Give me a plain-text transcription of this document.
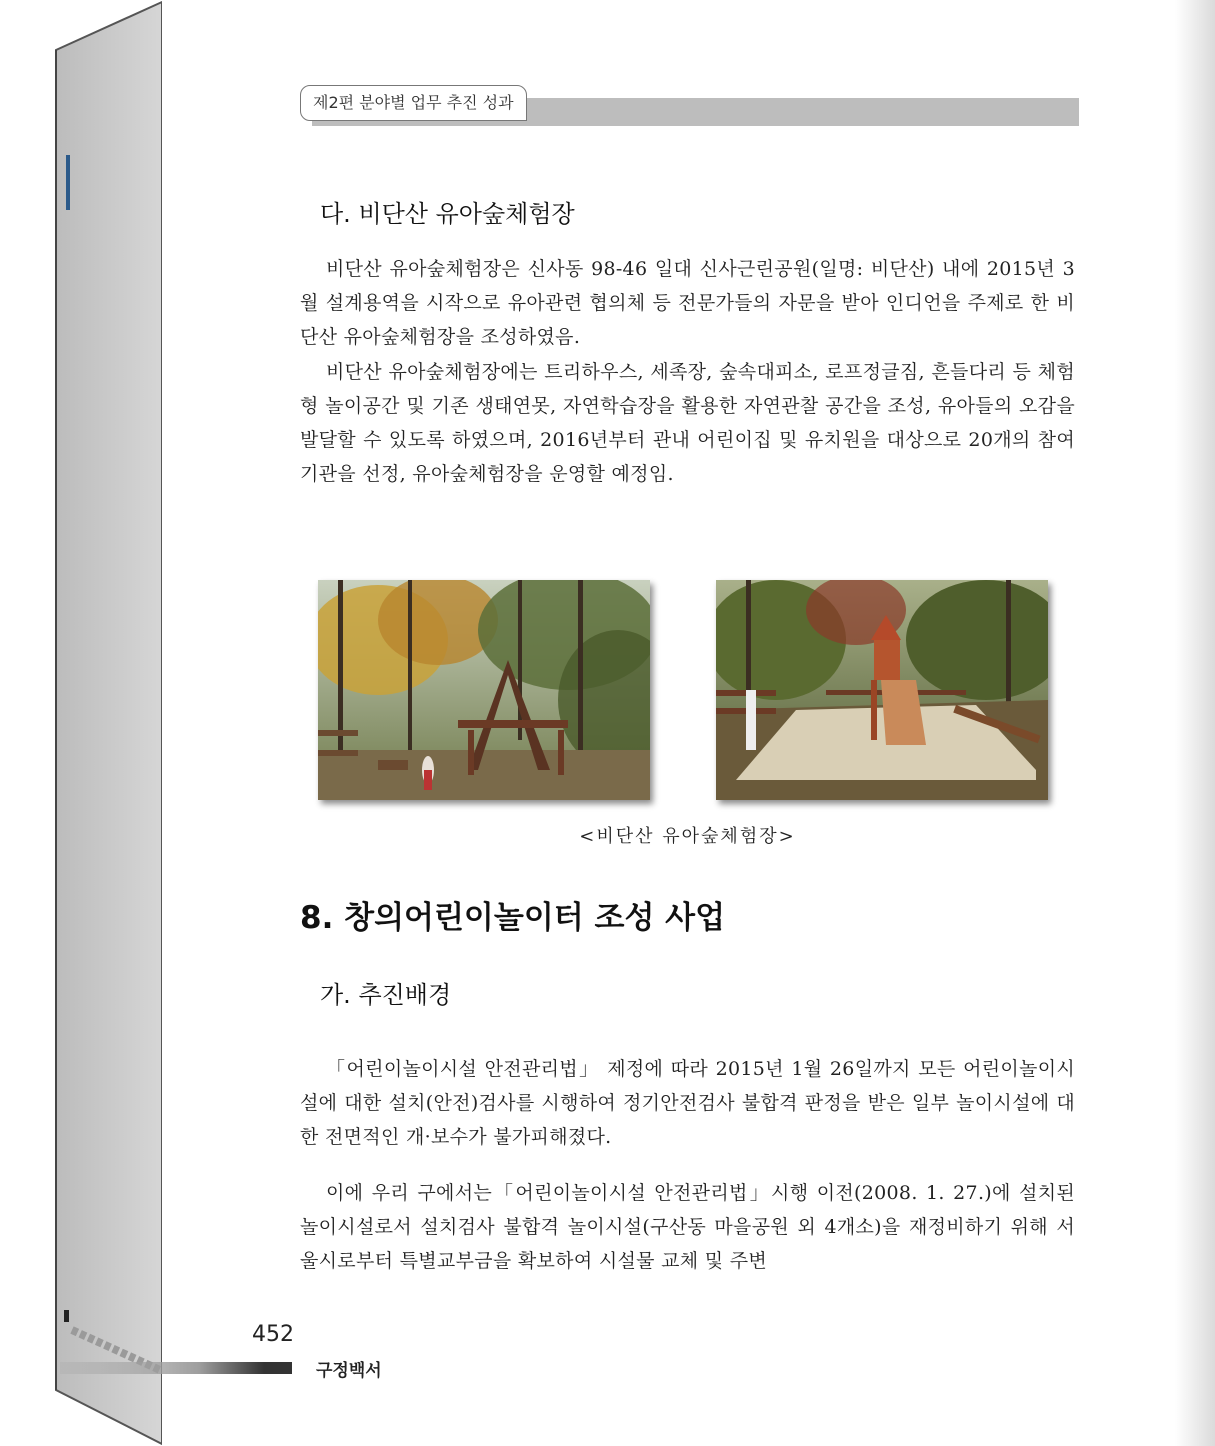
제2편 분야별 업무 추진 성과
다. 비단산 유아숲체험장

비단산 유아숲체험장은 신사동 98-46 일대 신사근린공원(일명: 비단산) 내에 2015년 3월 설계용역을 시작으로 유아관련 협의체 등 전문가들의 자문을 받아 인디언을 주제로 한 비단산 유아숲체험장을 조성하였음.

비단산 유아숲체험장에는 트리하우스, 세족장, 숲속대피소, 로프정글짐, 흔들다리 등 체험형 놀이공간 및 기존 생태연못, 자연학습장을 활용한 자연관찰 공간을 조성, 유아들의 오감을 발달할 수 있도록 하였으며, 2016년부터 관내 어린이집 및 유치원을 대상으로 20개의 참여기관을 선정, 유아숲체험장을 운영할 예정임.

<비단산 유아숲체험장>
8. 창의어린이놀이터 조성 사업
가. 추진배경

「어린이놀이시설 안전관리법」 제정에 따라 2015년 1월 26일까지 모든 어린이놀이시설에 대한 설치(안전)검사를 시행하여 정기안전검사 불합격 판정을 받은 일부 놀이시설에 대한 전면적인 개·보수가 불가피해졌다.

이에 우리 구에서는「어린이놀이시설 안전관리법」시행 이전(2008. 1. 27.)에 설치된 놀이시설로서 설치검사 불합격 놀이시설(구산동 마을공원 외 4개소)을 재정비하기 위해 서울시로부터 특별교부금을 확보하여 시설물 교체 및 주변

452
구정백서
